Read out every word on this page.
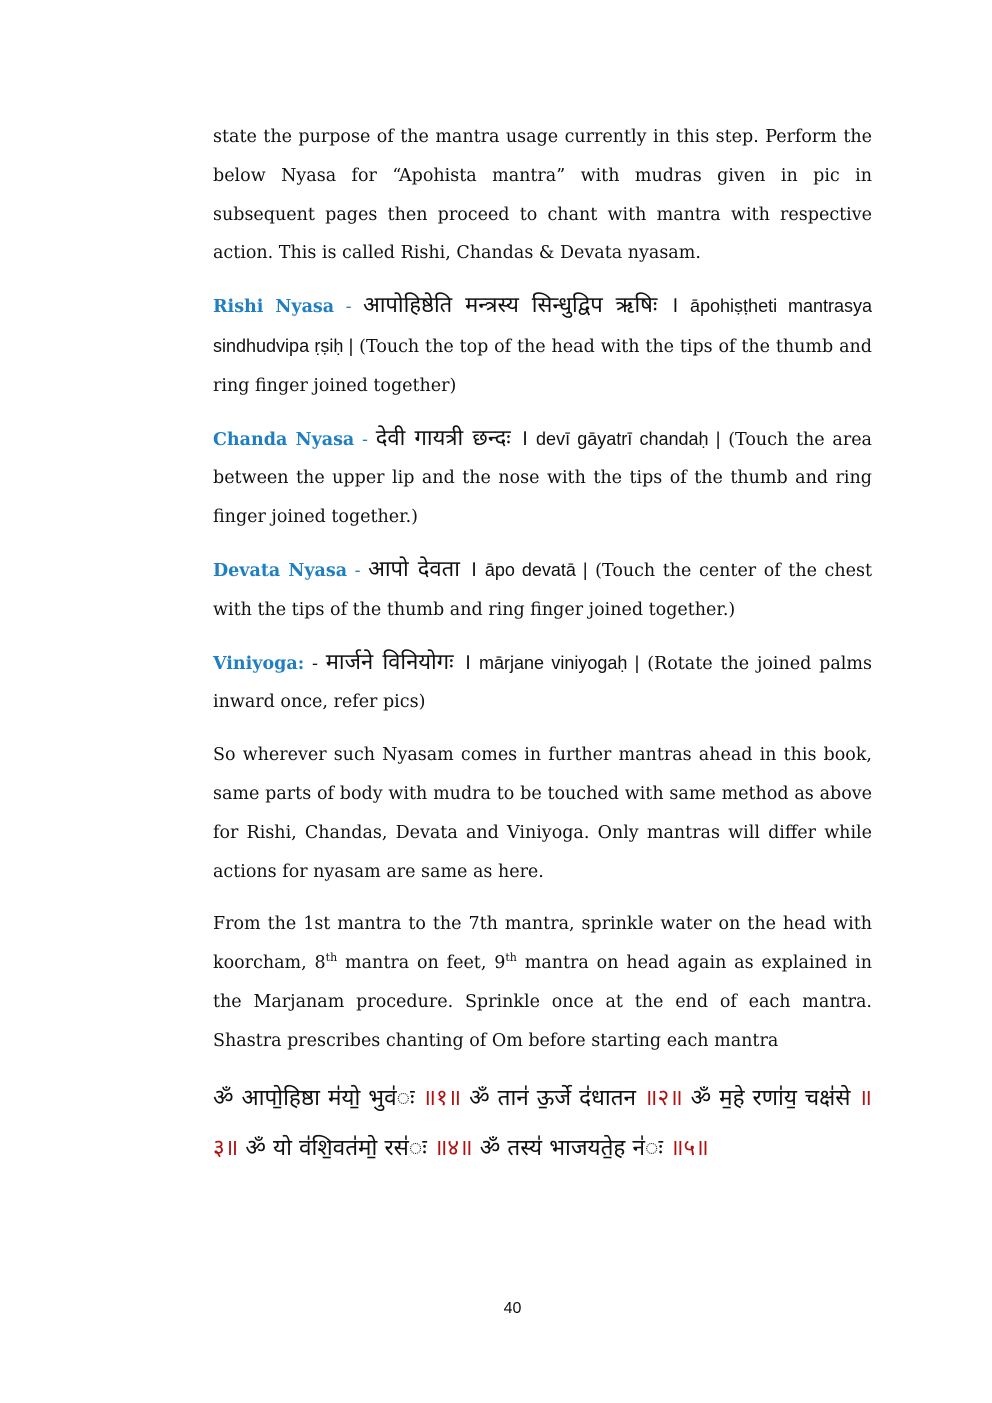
state the purpose of the mantra usage currently in this step. Perform the below Nyasa for “Apohista mantra” with mudras given in pic in subsequent pages then proceed to chant with mantra with respective action. This is called Rishi, Chandas & Devata nyasam.

Rishi Nyasa - आपोहिष्ठेति मन्त्रस्य सिन्धुद्विप ऋषिः । āpohiṣṭheti mantrasya sindhudvipa ṛṣiḥ | (Touch the top of the head with the tips of the thumb and ring finger joined together)

Chanda Nyasa - देवी गायत्री छन्दः । devī gāyatrī chandaḥ | (Touch the area between the upper lip and the nose with the tips of the thumb and ring finger joined together.)

Devata Nyasa - आपो देवता । āpo devatā | (Touch the center of the chest with the tips of the thumb and ring finger joined together.)

Viniyoga: - मार्जने विनियोगः । mārjane viniyogaḥ | (Rotate the joined palms inward once, refer pics)

So wherever such Nyasam comes in further mantras ahead in this book, same parts of body with mudra to be touched with same method as above for Rishi, Chandas, Devata and Viniyoga. Only mantras will differ while actions for nyasam are same as here.

From the 1st mantra to the 7th mantra, sprinkle water on the head with koorcham, 8th mantra on feet, 9th mantra on head again as explained in the Marjanam procedure. Sprinkle once at the end of each mantra. Shastra prescribes chanting of Om before starting each mantra

ॐ आपो॒हिष्ठा म॑यो॒ भुव॑ः ॥१॥ ॐ तान॑ ऊ॒र्जे द॑धातन ॥२॥ ॐ म॒हे रणा॑य॒ चक्ष॑से ॥३॥ ॐ यो व॑शि॒वत॑मो॒ रस॑ः ॥४॥ ॐ तस्य॑ भाजयते॒ह न॑ः ॥५॥

40
